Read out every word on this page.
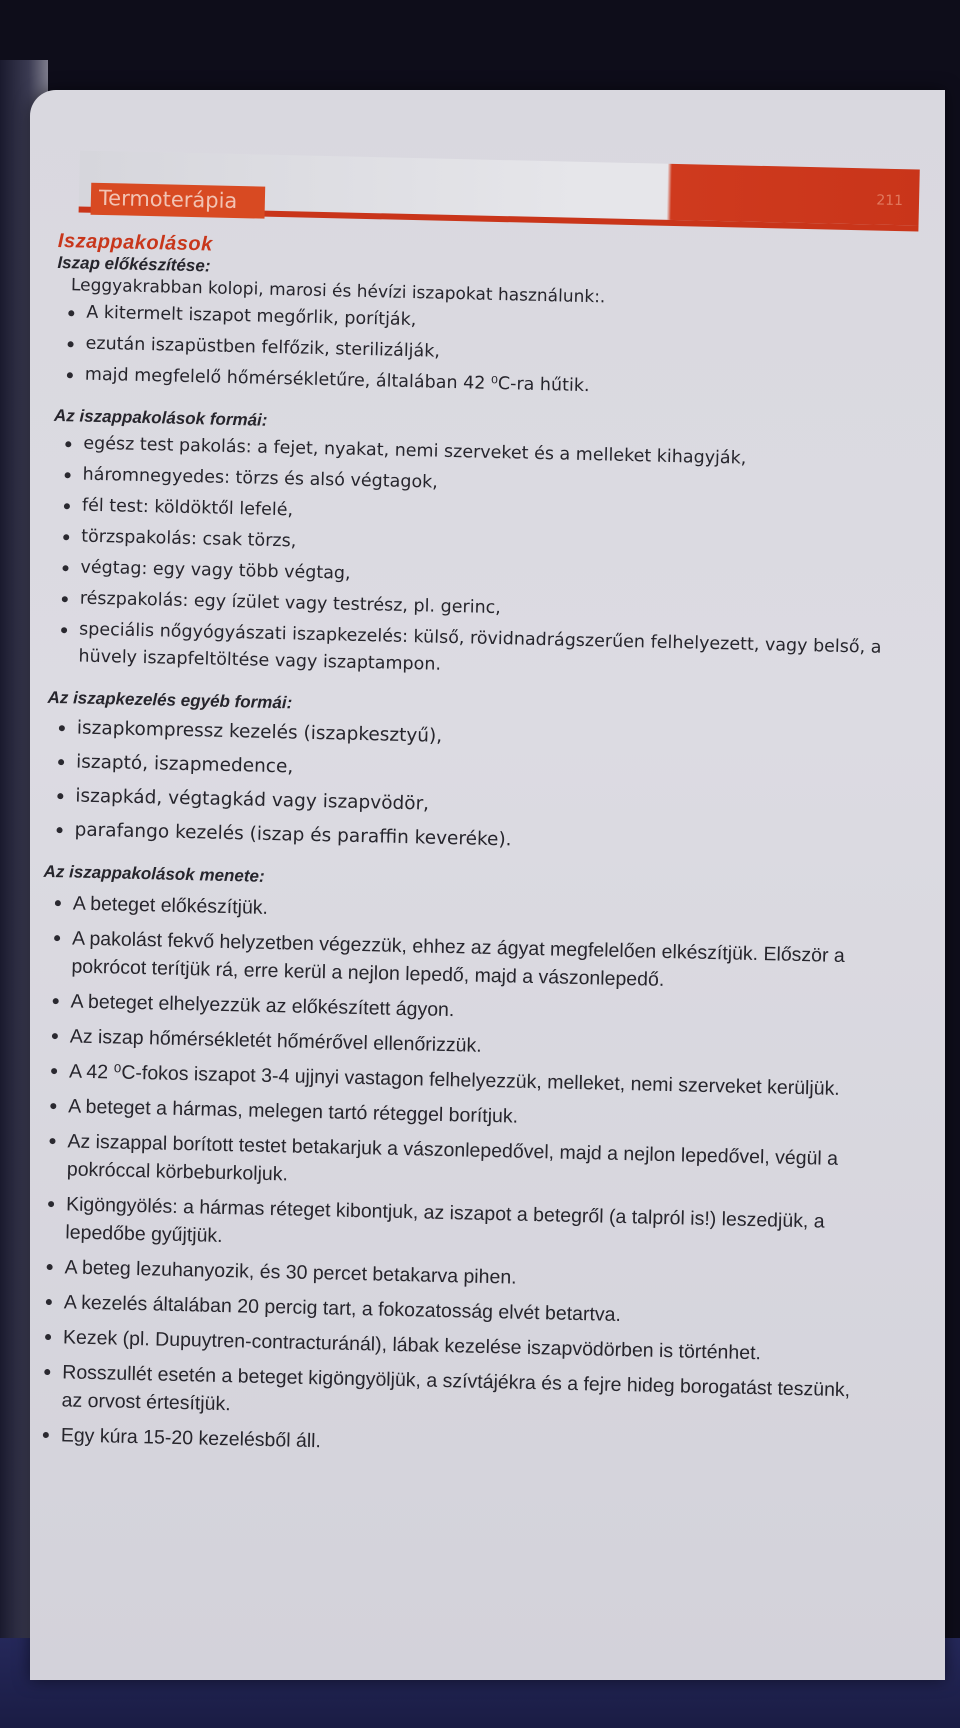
Termoterápia	211
Iszappakolások
Iszap előkészítése:

Leggyakrabban kolopi, marosi és hévízi iszapokat használunk:.

A kitermelt iszapot megőrlik, porítják,
ezután iszapüstben felfőzik, sterilizálják,
majd megfelelő hőmérsékletűre, általában 42 ⁰C-ra hűtik.
Az iszappakolások formái:
egész test pakolás: a fejet, nyakat, nemi szerveket és a melleket kihagyják,
háromnegyedes: törzs és alsó végtagok,
fél test: köldöktől lefelé,
törzspakolás: csak törzs,
végtag: egy vagy több végtag,
részpakolás: egy ízület vagy testrész, pl. gerinc,
speciális nőgyógyászati iszapkezelés: külső, rövidnadrágszerűen felhelyezett, vagy belső, a hüvely iszapfeltöltése vagy iszaptampon.
Az iszapkezelés egyéb formái:
iszapkompressz kezelés (iszapkesztyű),
iszaptó, iszapmedence,
iszapkád, végtagkád vagy iszapvödör,
parafango kezelés (iszap és paraffin keveréke).
Az iszappakolások menete:
A beteget előkészítjük.
A pakolást fekvő helyzetben végezzük, ehhez az ágyat megfelelően elkészítjük. Először a pokrócot terítjük rá, erre kerül a nejlon lepedő, majd a vászonlepedő.
A beteget elhelyezzük az előkészített ágyon.
Az iszap hőmérsékletét hőmérővel ellenőrizzük.
A 42 ⁰C-fokos iszapot 3-4 ujjnyi vastagon felhelyezzük, melleket, nemi szerveket kerüljük.
A beteget a hármas, melegen tartó réteggel borítjuk.
Az iszappal borított testet betakarjuk a vászonlepedővel, majd a nejlon lepedővel, végül a pokróccal körbeburkoljuk.
Kigöngyölés: a hármas réteget kibontjuk, az iszapot a betegről (a talpról is!) leszedjük, a lepedőbe gyűjtjük.
A beteg lezuhanyozik, és 30 percet betakarva pihen.
A kezelés általában 20 percig tart, a fokozatosság elvét betartva.
Kezek (pl. Dupuytren-contracturánál), lábak kezelése iszapvödörben is történhet.
Rosszullét esetén a beteget kigöngyöljük, a szívtájékra és a fejre hideg borogatást teszünk, az orvost értesítjük.
Egy kúra 15-20 kezelésből áll.
